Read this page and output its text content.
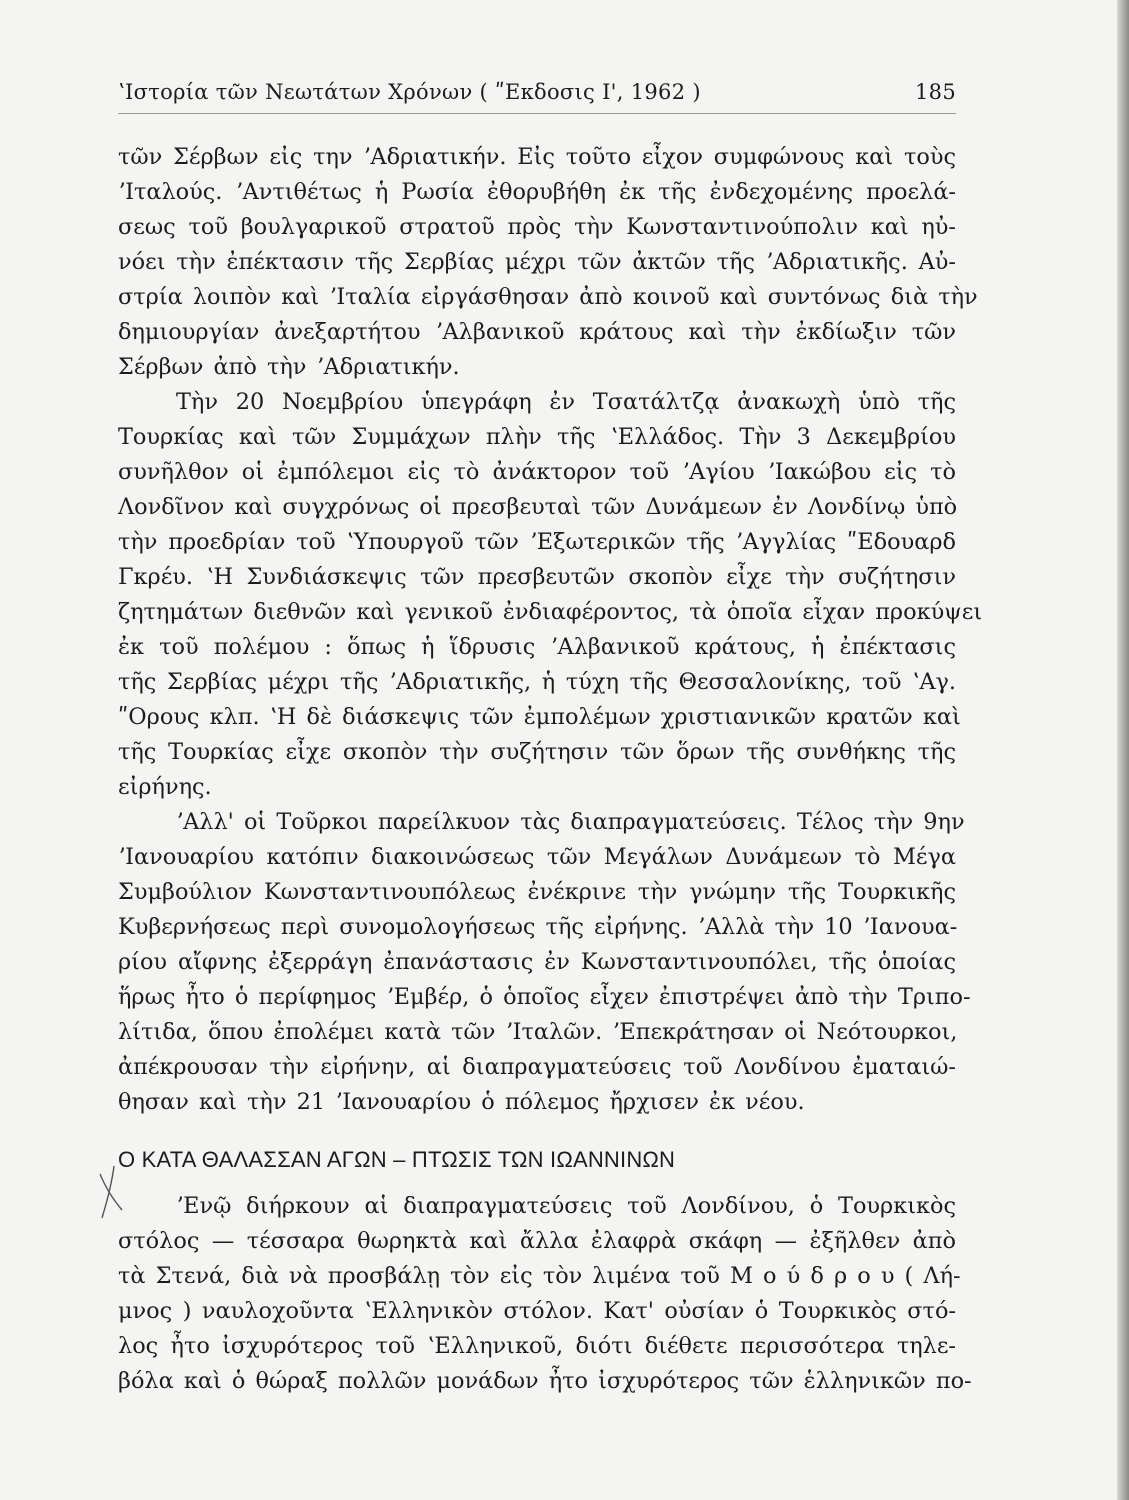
ʽΙστορία τῶν Νεωτάτων Χρόνων ( ʺΕκδοσις Ι', 1962 )	185
τῶν Σέρβων εἰς την ʼΑδριατικήν. Εἰς τοῦτο εἶχον συμφώνους καὶ τοὺς
ʼΙταλούς. ʼΑντιθέτως ἡ Ρωσία ἐθορυβήθη ἐκ τῆς ἐνδεχομένης προελά-
σεως τοῦ βουλγαρικοῦ στρατοῦ πρὸς τὴν Κωνσταντινούπολιν καὶ ηὐ-
νόει τὴν ἐπέκτασιν τῆς Σερβίας μέχρι τῶν ἀκτῶν τῆς ʼΑδριατικῆς. Αὐ-
στρία λοιπὸν καὶ ʼΙταλία εἰργάσθησαν ἀπὸ κοινοῦ καὶ συντόνως διὰ τὴν
δημιουργίαν ἀνεξαρτήτου ʼΑλβανικοῦ κράτους καὶ τὴν ἐκδίωξιν τῶν
Σέρβων ἀπὸ τὴν ʼΑδριατικήν.
Τὴν 20 Νοεμβρίου ὑπεγράφη ἐν Τσατάλτζᾳ ἀνακωχὴ ὑπὸ τῆς
Τουρκίας καὶ τῶν Συμμάχων πλὴν τῆς ʽΕλλάδος. Τὴν 3 Δεκεμβρίου
συνῆλθον οἱ ἐμπόλεμοι εἰς τὸ ἀνάκτορον τοῦ ʼΑγίου ʼΙακώβου εἰς τὸ
Λονδῖνον καὶ συγχρόνως οἱ πρεσβευταὶ τῶν Δυνάμεων ἐν Λονδίνῳ ὑπὸ
τὴν προεδρίαν τοῦ ʽΥπουργοῦ τῶν ʼΕξωτερικῶν τῆς ʼΑγγλίας ʺΕδουαρδ
Γκρέυ. ʽΗ Συνδιάσκεψις τῶν πρεσβευτῶν σκοπὸν εἶχε τὴν συζήτησιν
ζητημάτων διεθνῶν καὶ γενικοῦ ἐνδιαφέροντος, τὰ ὁποῖα εἶχαν προκύψει
ἐκ τοῦ πολέμου : ὅπως ἡ ἵδρυσις ʼΑλβανικοῦ κράτους, ἡ ἐπέκτασις
τῆς Σερβίας μέχρι τῆς ʼΑδριατικῆς, ἡ τύχη τῆς Θεσσαλονίκης, τοῦ ʽΑγ.
ʺΟρους κλπ. ʽΗ δὲ διάσκεψις τῶν ἐμπολέμων χριστιανικῶν κρατῶν καὶ
τῆς Τουρκίας εἶχε σκοπὸν τὴν συζήτησιν τῶν ὅρων τῆς συνθήκης τῆς
εἰρήνης.
ʼΑλλ' οἱ Τοῦρκοι παρείλκυον τὰς διαπραγματεύσεις. Τέλος τὴν 9ην
ʼΙανουαρίου κατόπιν διακοινώσεως τῶν Μεγάλων Δυνάμεων τὸ Μέγα
Συμβούλιον Κωνσταντινουπόλεως ἐνέκρινε τὴν γνώμην τῆς Τουρκικῆς
Κυβερνήσεως περὶ συνομολογήσεως τῆς εἰρήνης. ʼΑλλὰ τὴν 10 ʼΙανουα-
ρίου αἴφνης ἐξερράγη ἐπανάστασις ἐν Κωνσταντινουπόλει, τῆς ὁποίας
ἥρως ἦτο ὁ περίφημος ʼΕμβέρ, ὁ ὁποῖος εἶχεν ἐπιστρέψει ἀπὸ τὴν Τριπο-
λίτιδα, ὅπου ἐπολέμει κατὰ τῶν ʼΙταλῶν. ʼΕπεκράτησαν οἱ Νεότουρκοι,
ἀπέκρουσαν τὴν εἰρήνην, αἱ διαπραγματεύσεις τοῦ Λονδίνου ἐματαιώ-
θησαν καὶ τὴν 21 ʼΙανουαρίου ὁ πόλεμος ἤρχισεν ἐκ νέου.
Ο ΚΑΤΑ ΘΑΛΑΣΣΑΝ ΑΓΩΝ – ΠΤΩΣΙΣ ΤΩΝ ΙΩΑΝΝΙΝΩΝ
ʼΕνῷ διήρκουν αἱ διαπραγματεύσεις τοῦ Λονδίνου, ὁ Τουρκικὸς
στόλος — τέσσαρα θωρηκτὰ καὶ ἄλλα ἐλαφρὰ σκάφη — ἐξῆλθεν ἀπὸ
τὰ Στενά, διὰ νὰ προσβάλῃ τὸν εἰς τὸν λιμένα τοῦ Μ ο ύ δ ρ ο υ ( Λή-
μνος ) ναυλοχοῦντα ʽΕλληνικὸν στόλον. Κατ' οὐσίαν ὁ Τουρκικὸς στό-
λος ἦτο ἰσχυρότερος τοῦ ʽΕλληνικοῦ, διότι διέθετε περισσότερα τηλε-
βόλα καὶ ὁ θώραξ πολλῶν μονάδων ἦτο ἰσχυρότερος τῶν ἑλληνικῶν πο-
